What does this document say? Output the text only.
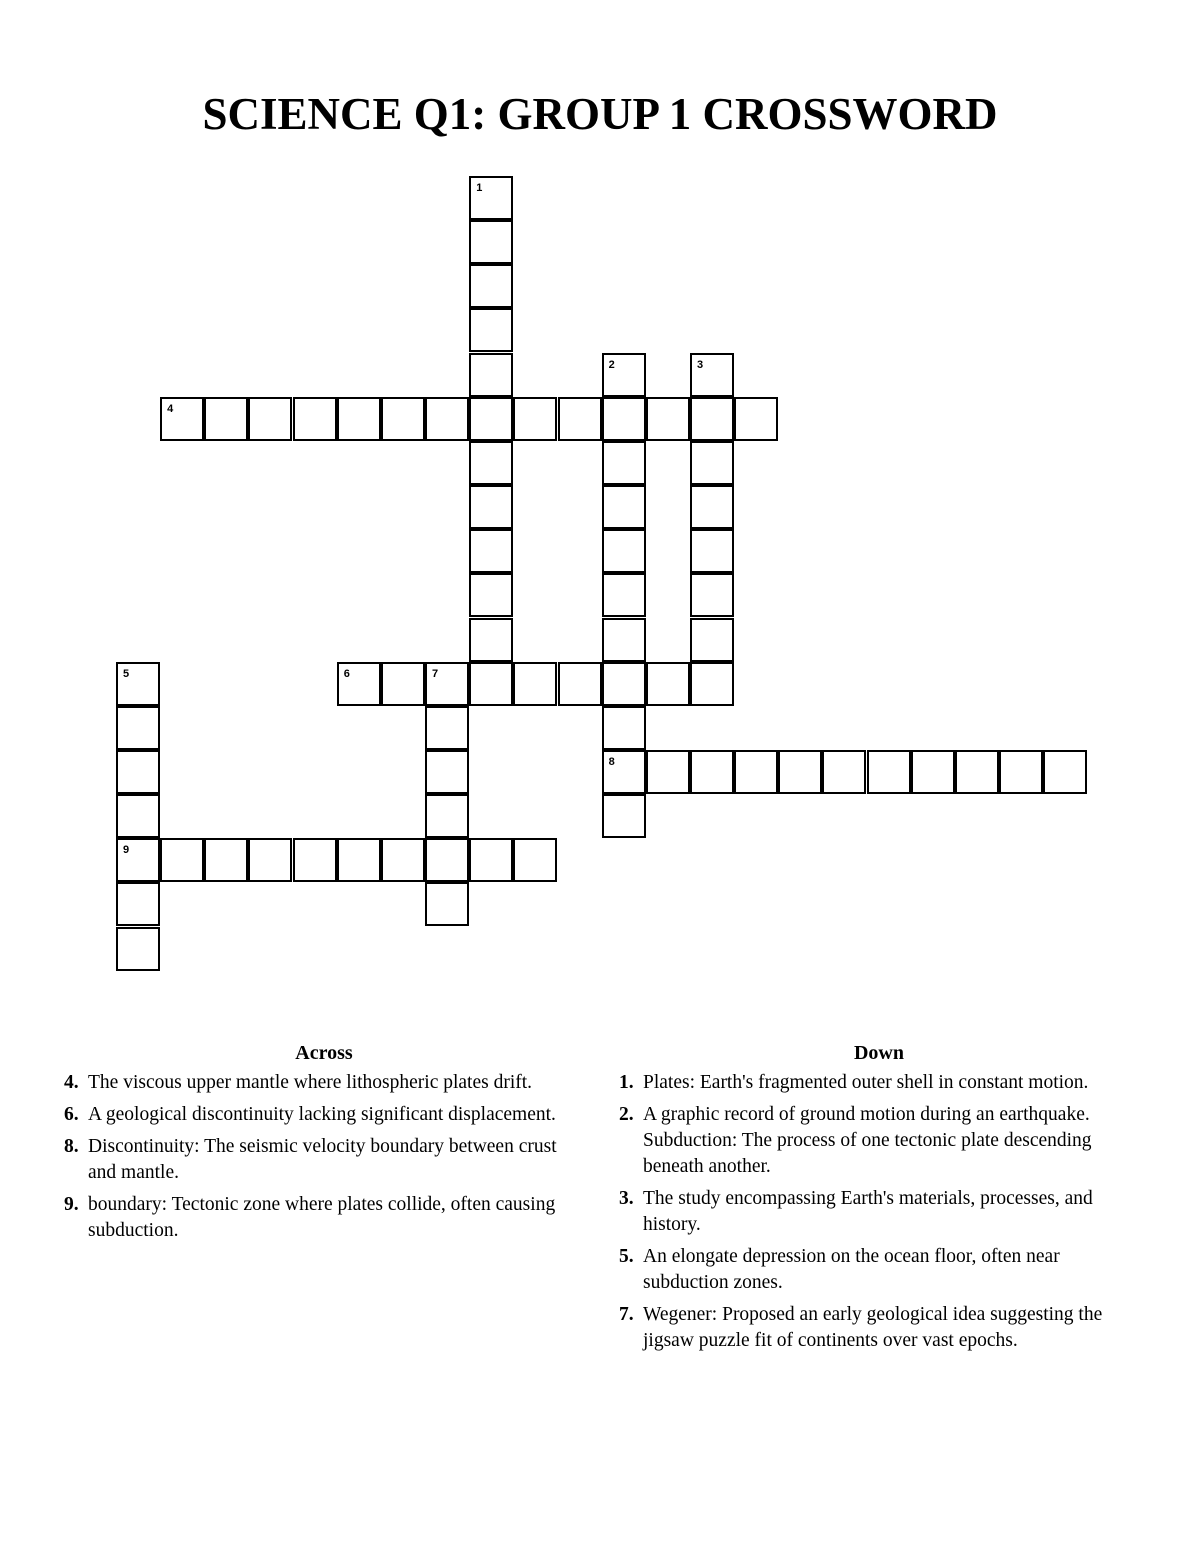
SCIENCE Q1: GROUP 1 CROSSWORD
1
2
8
3
4
5
9
6	7
Across
4. The viscous upper mantle where lithospheric plates drift.
6. A geological discontinuity lacking significant displacement.
8. Discontinuity: The seismic velocity boundary between crust and mantle.
9. boundary: Tectonic zone where plates collide, often causing subduction.
Down
1. Plates: Earth's fragmented outer shell in constant motion.
2. A graphic record of ground motion during an earthquake. Subduction: The process of one tectonic plate descending beneath another.
3. The study encompassing Earth's materials, processes, and history.
5. An elongate depression on the ocean floor, often near subduction zones.
7. Wegener: Proposed an early geological idea suggesting the jigsaw puzzle fit of continents over vast epochs.
